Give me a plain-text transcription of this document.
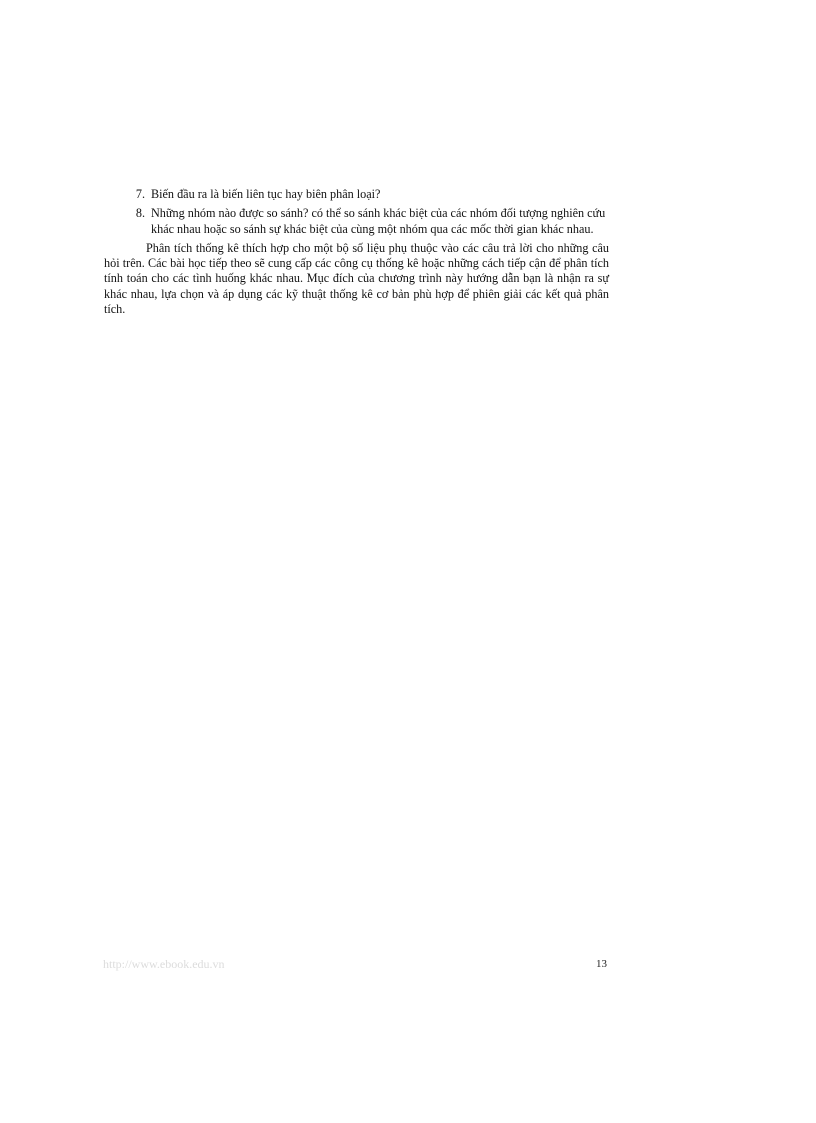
7 . Biến đầu ra là biến liên tục hay biên phân loại?
8 . Những nhóm nào được so sánh? có thể so sánh khác biệt của các nhóm đối tượng nghiên cứu khác nhau hoặc so sánh sự khác biệt của cùng một nhóm qua các mốc thời gian khác nhau.

Phân tích thống kê thích hợp cho một bộ số liệu phụ thuộc vào các câu trả lời cho những câu hỏi trên. Các bài học tiếp theo sẽ cung cấp các công cụ thống kê hoặc những cách tiếp cận để phân tích tính toán cho các tình huống khác nhau. Mục đích của chương trình này hướng dẫn bạn là nhận ra sự khác nhau, lựa chọn và áp dụng các kỹ thuật thống kê cơ bản phù hợp để phiên giải các kết quả phân tích.

http://www.ebook.edu.vn	13
